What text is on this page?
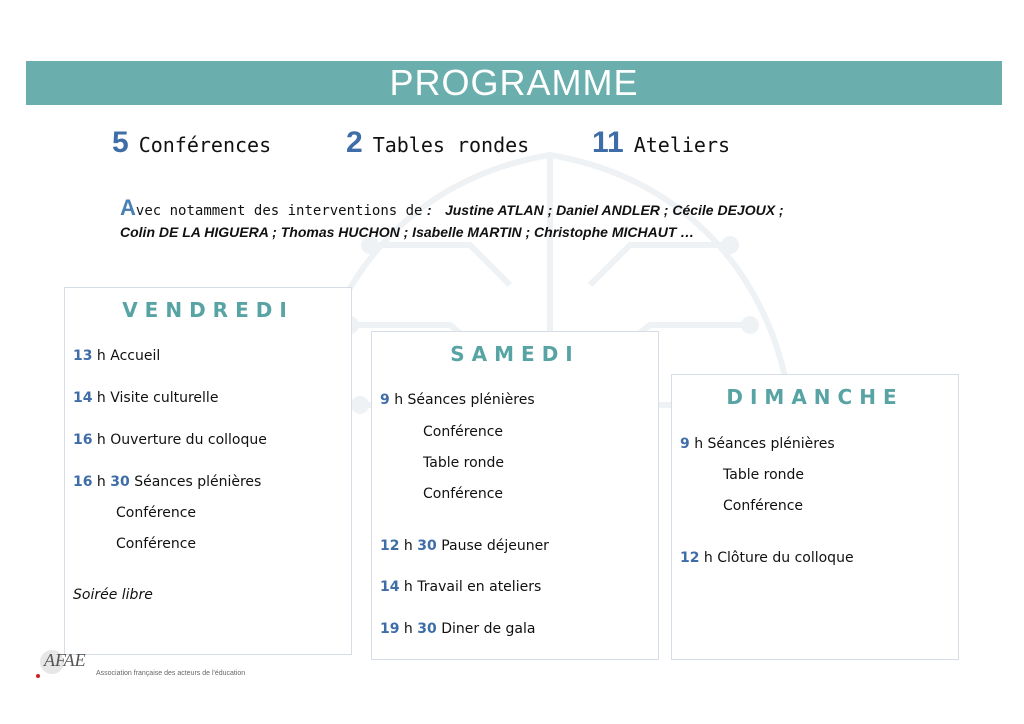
PROGRAMME
5 Conférences 2 Tables rondes 11 Ateliers
Avec notamment des interventions de : Justine ATLAN ; Daniel ANDLER ; Cécile DEJOUX ;
Colin DE LA HIGUERA ; Thomas HUCHON ; Isabelle MARTIN ; Christophe MICHAUT …
VENDREDI
13 h Accueil
14 h Visite culturelle
16 h Ouverture du colloque
16 h 30 Séances plénières
Conférence
Conférence
Soirée libre
SAMEDI
9 h Séances plénières
Conférence
Table ronde
Conférence
12 h 30 Pause déjeuner
14 h Travail en ateliers
19 h 30 Diner de gala
DIMANCHE
9 h Séances plénières
Table ronde
Conférence
12 h Clôture du colloque
AFAE
Association française des acteurs de l'éducation
